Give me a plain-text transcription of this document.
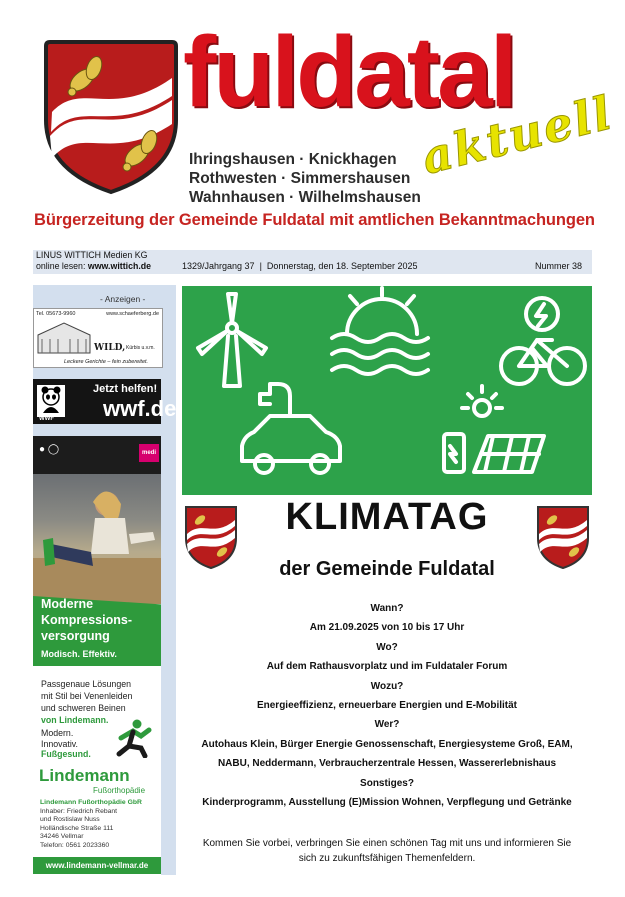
fuldatal
Ihringshausen · Knickhagen
Rothwesten · Simmershausen
Wahnhausen · Wilhelmshausen
aktuell
Bürgerzeitung der Gemeinde Fuldatal mit amtlichen Bekanntmachungen
LINUS WITTICH Medien KG
online lesen: www.wittich.de	1329/Jahrgang 37  |  Donnerstag, den 18. September 2025	Nummer 38
- Anzeigen -
Tel. 05673-9960	www.schaeferberg.de
WILD, Kürbis u.v.m.
Leckere Gerichte – fein zubereitet.
Jetzt helfen!
wwf.de
WWF
● ◯	medi
Moderne
Kompressions-
versorgung
Modisch. Effektiv.
Passgenaue Lösungen
mit Stil bei Venenleiden
und schweren Beinen
von Lindemann.
Modern.
Innovativ.
Fußgesund.
Lindemann
Fußorthopädie
Lindemann Fußorthopädie GbR
Inhaber: Friedrich Rebant
und Rostislaw Nuss
Holländische Straße 111
34246 Vellmar
Telefon: 0561 2023360
www.lindemann-vellmar.de
KLIMATAG
der Gemeinde Fuldatal
Wann?
Am 21.09.2025 von 10 bis 17 Uhr
Wo?
Auf dem Rathausvorplatz und im Fuldataler Forum
Wozu?
Energieeffizienz, erneuerbare Energien und E-Mobilität
Wer?
Autohaus Klein, Bürger Energie Genossenschaft, Energiesysteme Groß, EAM,
NABU, Neddermann, Verbraucherzentrale Hessen, Wassererlebnishaus
Sonstiges?
Kinderprogramm, Ausstellung (E)Mission Wohnen, Verpflegung und Getränke
Kommen Sie vorbei, verbringen Sie einen schönen Tag mit uns und informieren Sie
sich zu zukunftsfähigen Themenfeldern.
